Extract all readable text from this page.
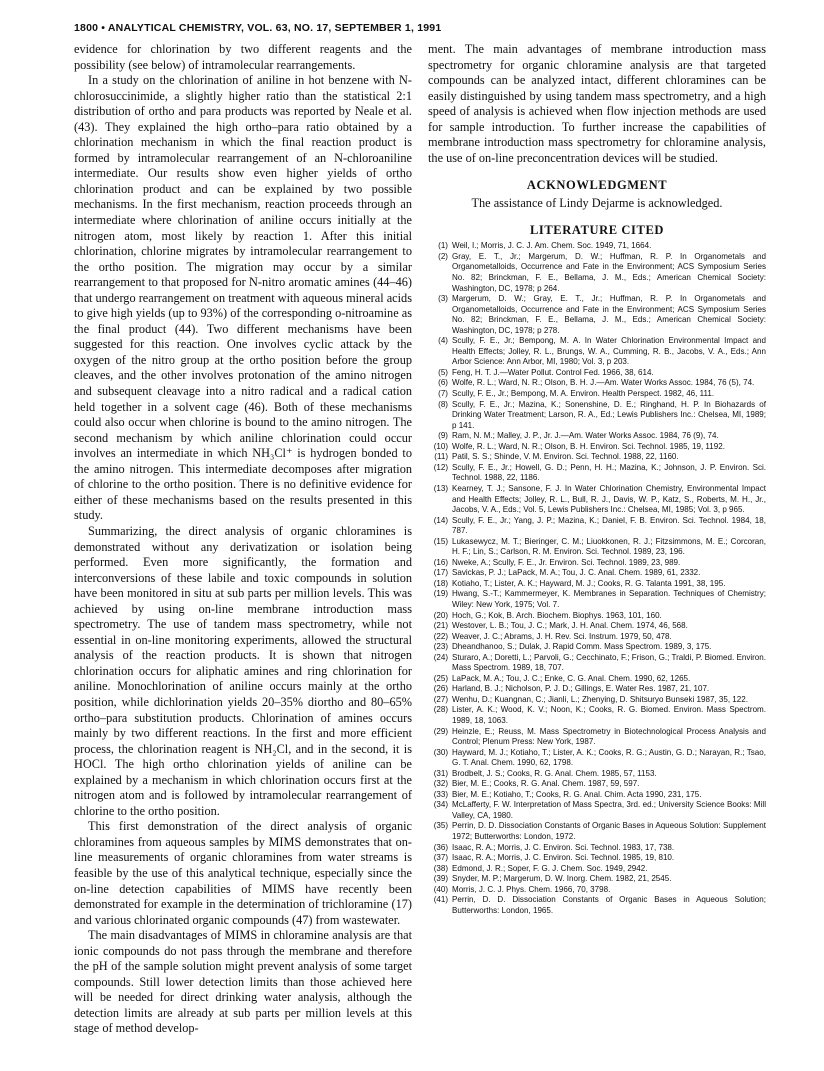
1800 • ANALYTICAL CHEMISTRY, VOL. 63, NO. 17, SEPTEMBER 1, 1991

evidence for chlorination by two different reagents and the possibility (see below) of intramolecular rearrangements.

In a study on the chlorination of aniline in hot benzene with N-chlorosuccinimide, a slightly higher ratio than the statistical 2:1 distribution of ortho and para products was reported by Neale et al. (43). They explained the high ortho–para ratio obtained by a chlorination mechanism in which the final reaction product is formed by intramolecular rearrangement of an N-chloroaniline intermediate. Our results show even higher yields of ortho chlorination product and can be explained by two possible mechanisms. In the first mechanism, reaction proceeds through an intermediate where chlorination of aniline occurs initially at the nitrogen atom, most likely by reaction 1. After this initial chlorination, chlorine migrates by intramolecular rearrangement to the ortho position. The migration may occur by a similar rearrangement to that proposed for N-nitro aromatic amines (44–46) that undergo rearrangement on treatment with aqueous mineral acids to give high yields (up to 93%) of the corresponding o-nitroamine as the final product (44). Two different mechanisms have been suggested for this reaction. One involves cyclic attack by the oxygen of the nitro group at the ortho position before the group cleaves, and the other involves protonation of the amino nitrogen and subsequent cleavage into a nitro radical and a radical cation held together in a solvent cage (46). Both of these mechanisms could also occur when chlorine is bound to the amino nitrogen. The second mechanism by which aniline chlorination could occur involves an intermediate in which NH₃Cl⁺ is hydrogen bonded to the amino nitrogen. This intermediate decomposes after migration of chlorine to the ortho position. There is no definitive evidence for either of these mechanisms based on the results presented in this study.

Summarizing, the direct analysis of organic chloramines is demonstrated without any derivatization or isolation being performed. Even more significantly, the formation and interconversions of these labile and toxic compounds in solution have been monitored in situ at sub parts per million levels. This was achieved by using on-line membrane introduction mass spectrometry. The use of tandem mass spectrometry, while not essential in on-line monitoring experiments, allowed the structural analysis of the reaction products. It is shown that nitrogen chlorination occurs for aliphatic amines and ring chlorination for aniline. Monochlorination of aniline occurs mainly at the ortho position, while dichlorination yields 20–35% diortho and 80–65% ortho–para substitution products. Chlorination of amines occurs mainly by two different reactions. In the first and more efficient process, the chlorination reagent is NH₂Cl, and in the second, it is HOCl. The high ortho chlorination yields of aniline can be explained by a mechanism in which chlorination occurs first at the nitrogen atom and is followed by intramolecular rearrangement of chlorine to the ortho position.

This first demonstration of the direct analysis of organic chloramines from aqueous samples by MIMS demonstrates that on-line measurements of organic chloramines from water streams is feasible by the use of this analytical technique, especially since the on-line detection capabilities of MIMS have recently been demonstrated for example in the determination of trichloramine (17) and various chlorinated organic compounds (47) from wastewater.

The main disadvantages of MIMS in chloramine analysis are that ionic compounds do not pass through the membrane and therefore the pH of the sample solution might prevent analysis of some target compounds. Still lower detection limits than those achieved here will be needed for direct drinking water analysis, although the detection limits are already at sub parts per million levels at this stage of method develop-

ment. The main advantages of membrane introduction mass spectrometry for organic chloramine analysis are that targeted compounds can be analyzed intact, different chloramines can be easily distinguished by using tandem mass spectrometry, and a high speed of analysis is achieved when flow injection methods are used for sample introduction. To further increase the capabilities of membrane introduction mass spectrometry for chloramine analysis, the use of on-line preconcentration devices will be studied.

ACKNOWLEDGMENT

The assistance of Lindy Dejarme is acknowledged.

LITERATURE CITED
(1) Weil, I.; Morris, J. C. J. Am. Chem. Soc. 1949, 71, 1664.
(2) Gray, E. T., Jr.; Margerum, D. W.; Huffman, R. P. In Organometals and Organometalloids, Occurrence and Fate in the Environment; ACS Symposium Series No. 82; Brinckman, F. E., Bellama, J. M., Eds.; American Chemical Society: Washington, DC, 1978; p 264.
(3) Margerum, D. W.; Gray, E. T., Jr.; Huffman, R. P. In Organometals and Organometalloids, Occurrence and Fate in the Environment; ACS Symposium Series No. 82; Brinckman, F. E., Bellama, J. M., Eds.; American Chemical Society: Washington, DC, 1978; p 278.
(4) Scully, F. E., Jr.; Bempong, M. A. In Water Chlorination Environmental Impact and Health Effects; Jolley, R. L., Brungs, W. A., Cumming, R. B., Jacobs, V. A., Eds.; Ann Arbor Science: Ann Arbor, MI, 1980; Vol. 3, p 203.
(5) Feng, H. T. J.—Water Pollut. Control Fed. 1966, 38, 614.
(6) Wolfe, R. L.; Ward, N. R.; Olson, B. H. J.—Am. Water Works Assoc. 1984, 76 (5), 74.
(7) Scully, F. E., Jr.; Bempong, M. A. Environ. Health Perspect. 1982, 46, 111.
(8) Scully, F. E., Jr.; Mazina, K.; Sonenshine, D. E.; Ringhand, H. P. In Biohazards of Drinking Water Treatment; Larson, R. A., Ed.; Lewis Publishers Inc.: Chelsea, MI, 1989; p 141.
(9) Ram, N. M.; Malley, J. P., Jr. J.—Am. Water Works Assoc. 1984, 76 (9), 74.
(10) Wolfe, R. L.; Ward, N. R.; Olson, B. H. Environ. Sci. Technol. 1985, 19, 1192.
(11) Patil, S. S.; Shinde, V. M. Environ. Sci. Technol. 1988, 22, 1160.
(12) Scully, F. E., Jr.; Howell, G. D.; Penn, H. H.; Mazina, K.; Johnson, J. P. Environ. Sci. Technol. 1988, 22, 1186.
(13) Kearney, T. J.; Sansone, F. J. In Water Chlorination Chemistry, Environmental Impact and Health Effects; Jolley, R. L., Bull, R. J., Davis, W. P., Katz, S., Roberts, M. H., Jr., Jacobs, V. A., Eds.; Vol. 5, Lewis Publishers Inc.: Chelsea, MI, 1985; Vol. 3, p 965.
(14) Scully, F. E., Jr.; Yang, J. P.; Mazina, K.; Daniel, F. B. Environ. Sci. Technol. 1984, 18, 787.
(15) Lukasewycz, M. T.; Bieringer, C. M.; Liuokkonen, R. J.; Fitzsimmons, M. E.; Corcoran, H. F.; Lin, S.; Carlson, R. M. Environ. Sci. Technol. 1989, 23, 196.
(16) Nweke, A.; Scully, F. E., Jr. Environ. Sci. Technol. 1989, 23, 989.
(17) Savickas, P. J.; LaPack, M. A.; Tou, J. C. Anal. Chem. 1989, 61, 2332.
(18) Kotiaho, T.; Lister, A. K.; Hayward, M. J.; Cooks, R. G. Talanta 1991, 38, 195.
(19) Hwang, S.-T.; Kammermeyer, K. Membranes in Separation. Techniques of Chemistry; Wiley: New York, 1975; Vol. 7.
(20) Hoch, G.; Kok, B. Arch. Biochem. Biophys. 1963, 101, 160.
(21) Westover, L. B.; Tou, J. C.; Mark, J. H. Anal. Chem. 1974, 46, 568.
(22) Weaver, J. C.; Abrams, J. H. Rev. Sci. Instrum. 1979, 50, 478.
(23) Dheandhanoo, S.; Dulak, J. Rapid Comm. Mass Spectrom. 1989, 3, 175.
(24) Sturaro, A.; Doretti, L.; Parvoli, G.; Cecchinato, F.; Frison, G.; Traldi, P. Biomed. Environ. Mass Spectrom. 1989, 18, 707.
(25) LaPack, M. A.; Tou, J. C.; Enke, C. G. Anal. Chem. 1990, 62, 1265.
(26) Harland, B. J.; Nicholson, P. J. D.; Gillings, E. Water Res. 1987, 21, 107.
(27) Wenhu, D.; Kuangnan, C.; Jianli, L.; Zhenying, D. Shitsuryo Bunseki 1987, 35, 122.
(28) Lister, A. K.; Wood, K. V.; Noon, K.; Cooks, R. G. Biomed. Environ. Mass Spectrom. 1989, 18, 1063.
(29) Heinzle, E.; Reuss, M. Mass Spectrometry in Biotechnological Process Analysis and Control; Plenum Press: New York, 1987.
(30) Hayward, M. J.; Kotiaho, T.; Lister, A. K.; Cooks, R. G.; Austin, G. D.; Narayan, R.; Tsao, G. T. Anal. Chem. 1990, 62, 1798.
(31) Brodbelt, J. S.; Cooks, R. G. Anal. Chem. 1985, 57, 1153.
(32) Bier, M. E.; Cooks, R. G. Anal. Chem. 1987, 59, 597.
(33) Bier, M. E.; Kotiaho, T.; Cooks, R. G. Anal. Chim. Acta 1990, 231, 175.
(34) McLafferty, F. W. Interpretation of Mass Spectra, 3rd. ed.; University Science Books: Mill Valley, CA, 1980.
(35) Perrin, D. D. Dissociation Constants of Organic Bases in Aqueous Solution: Supplement 1972; Butterworths: London, 1972.
(36) Isaac, R. A.; Morris, J. C. Environ. Sci. Technol. 1983, 17, 738.
(37) Isaac, R. A.; Morris, J. C. Environ. Sci. Technol. 1985, 19, 810.
(38) Edmond, J. R.; Soper, F. G. J. Chem. Soc. 1949, 2942.
(39) Snyder, M. P.; Margerum, D. W. Inorg. Chem. 1982, 21, 2545.
(40) Morris, J. C. J. Phys. Chem. 1966, 70, 3798.
(41) Perrin, D. D. Dissociation Constants of Organic Bases in Aqueous Solution; Butterworths: London, 1965.
